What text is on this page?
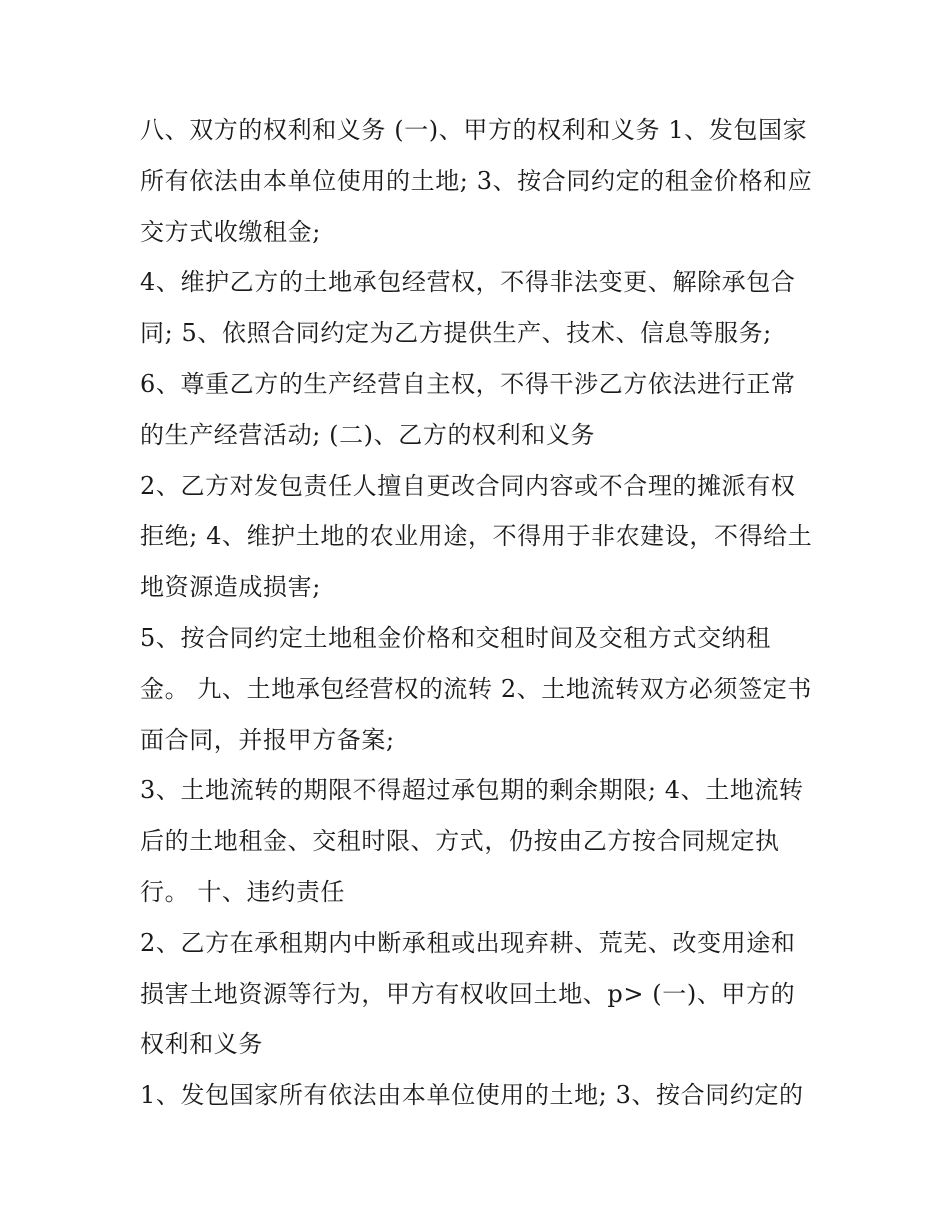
八、双方的权利和义务 (一)、甲方的权利和义务 1、发包国家
所有依法由本单位使用的土地; 3、按合同约定的租金价格和应
交方式收缴租金;
4、维护乙方的土地承包经营权，不得非法变更、解除承包合
同; 5、依照合同约定为乙方提供生产、技术、信息等服务;
6、尊重乙方的生产经营自主权，不得干涉乙方依法进行正常
的生产经营活动; (二)、乙方的权利和义务
2、乙方对发包责任人擅自更改合同内容或不合理的摊派有权
拒绝; 4、维护土地的农业用途，不得用于非农建设，不得给土
地资源造成损害;
5、按合同约定土地租金价格和交租时间及交租方式交纳租
金。 九、土地承包经营权的流转 2、土地流转双方必须签定书
面合同，并报甲方备案;
3、土地流转的期限不得超过承包期的剩余期限; 4、土地流转
后的土地租金、交租时限、方式，仍按由乙方按合同规定执
行。 十、违约责任
2、乙方在承租期内中断承租或出现弃耕、荒芜、改变用途和
损害土地资源等行为，甲方有权收回土地、p> (一)、甲方的
权利和义务
1、发包国家所有依法由本单位使用的土地; 3、按合同约定的
